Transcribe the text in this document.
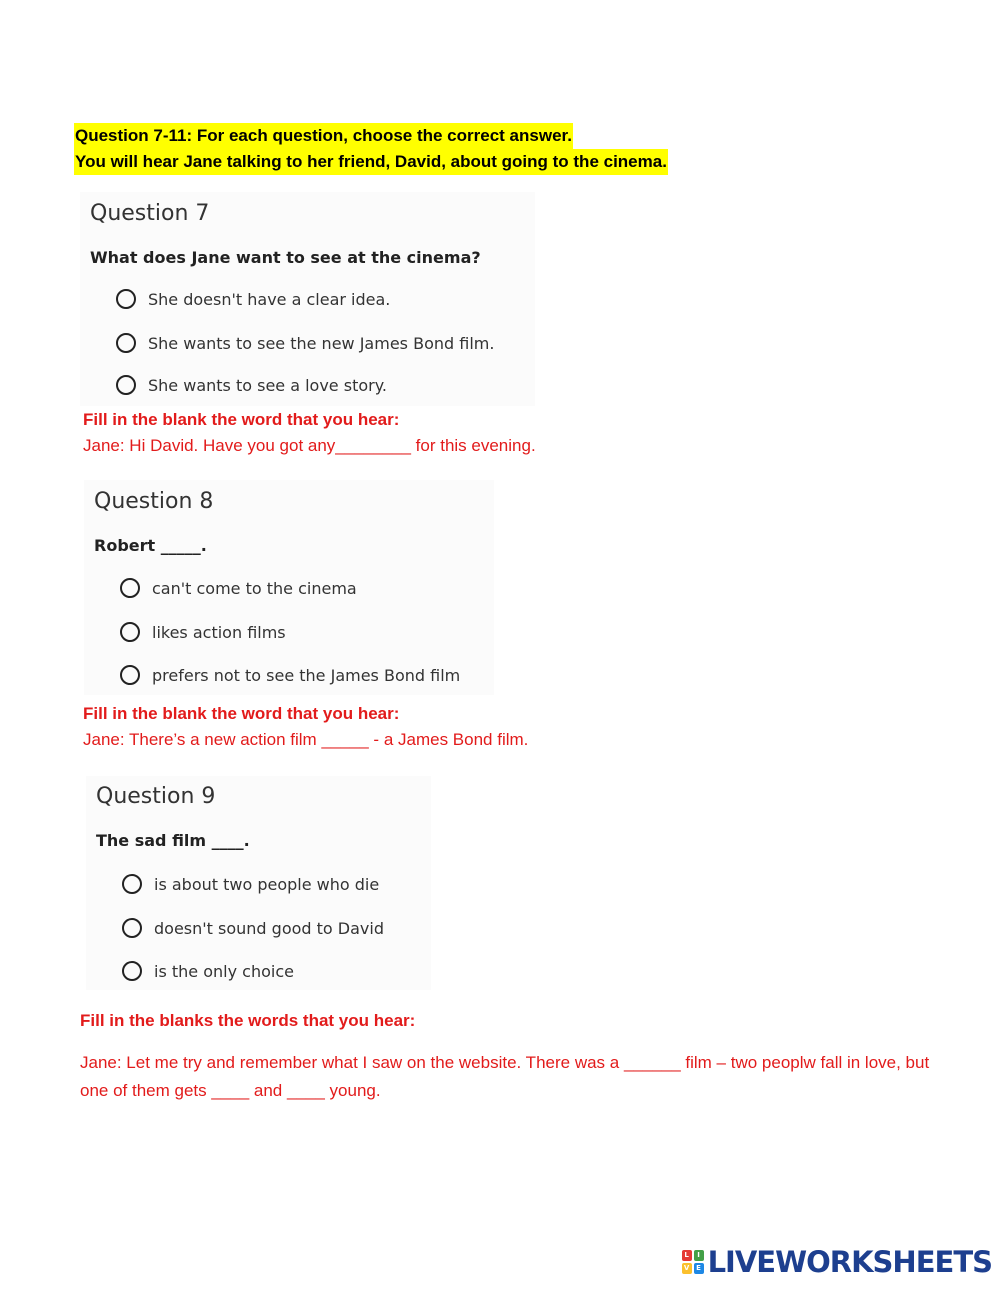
Question 7-11: For each question, choose the correct answer.
You will hear Jane talking to her friend, David, about going to the cinema.
Question 7
What does Jane want to see at the cinema?
She doesn't have a clear idea.
She wants to see the new James Bond film.
She wants to see a love story.
Fill in the blank the word that you hear:
Jane: Hi David. Have you got any________ for this evening.
Question 8
Robert _____.
can't come to the cinema
likes action films
prefers not to see the James Bond film
Fill in the blank the word that you hear:
Jane: There’s a new action film _____ - a James Bond film.
Question 9
The sad film ____.
is about two people who die
doesn't sound good to David
is the only choice
Fill in the blanks the words that you hear:
Jane: Let me try and remember what I saw on the website. There was a ______ film – two peoplw fall in love, but one of them gets ____ and ____ young.
L	I
V E LIVEWORKSHEETS
